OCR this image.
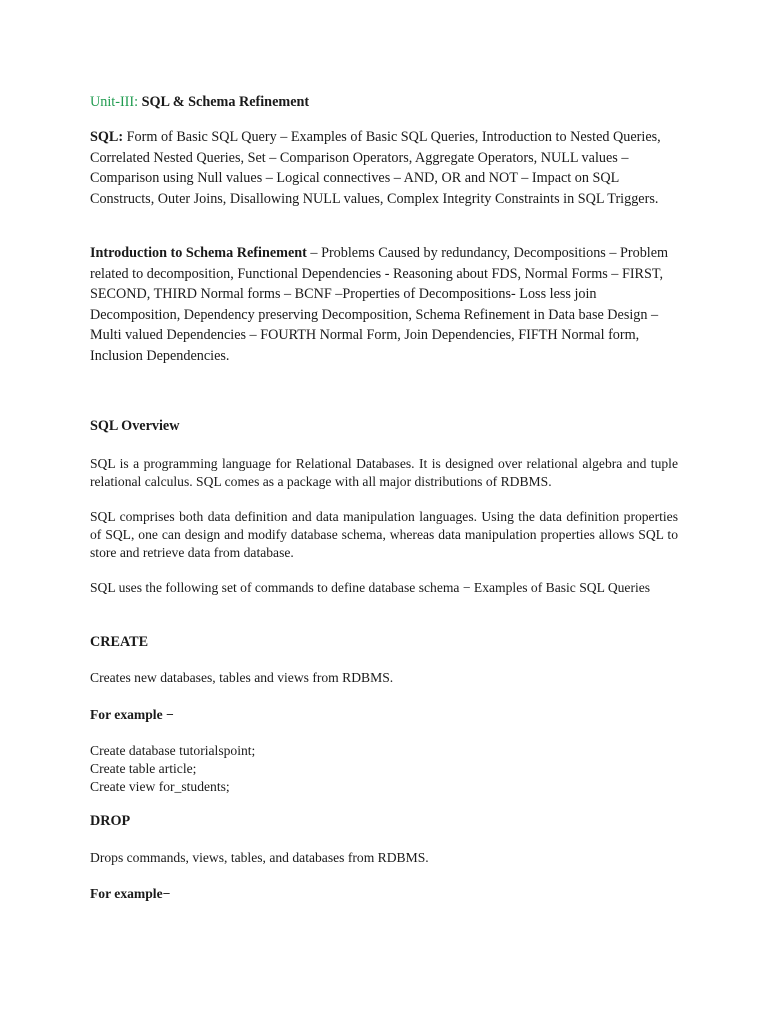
Unit-III: SQL & Schema Refinement

SQL: Form of Basic SQL Query – Examples of Basic SQL Queries, Introduction to Nested Queries, Correlated Nested Queries, Set – Comparison Operators, Aggregate Operators, NULL values – Comparison using Null values – Logical connectives – AND, OR and NOT – Impact on SQL Constructs, Outer Joins, Disallowing NULL values, Complex Integrity Constraints in SQL Triggers.

Introduction to Schema Refinement – Problems Caused by redundancy, Decompositions – Problem related to decomposition, Functional Dependencies - Reasoning about FDS, Normal Forms – FIRST, SECOND, THIRD Normal forms – BCNF –Properties of Decompositions- Loss less join Decomposition, Dependency preserving Decomposition, Schema Refinement in Data base Design – Multi valued Dependencies – FOURTH Normal Form, Join Dependencies, FIFTH Normal form, Inclusion Dependencies.

SQL Overview

SQL is a programming language for Relational Databases. It is designed over relational algebra and tuple relational calculus. SQL comes as a package with all major distributions of RDBMS.

SQL comprises both data definition and data manipulation languages. Using the data definition properties of SQL, one can design and modify database schema, whereas data manipulation properties allows SQL to store and retrieve data from database.

SQL uses the following set of commands to define database schema − Examples of Basic SQL Queries

CREATE

Creates new databases, tables and views from RDBMS.

For example −

Create database tutorialspoint;
Create table article;
Create view for_students;

DROP

Drops commands, views, tables, and databases from RDBMS.

For example−
